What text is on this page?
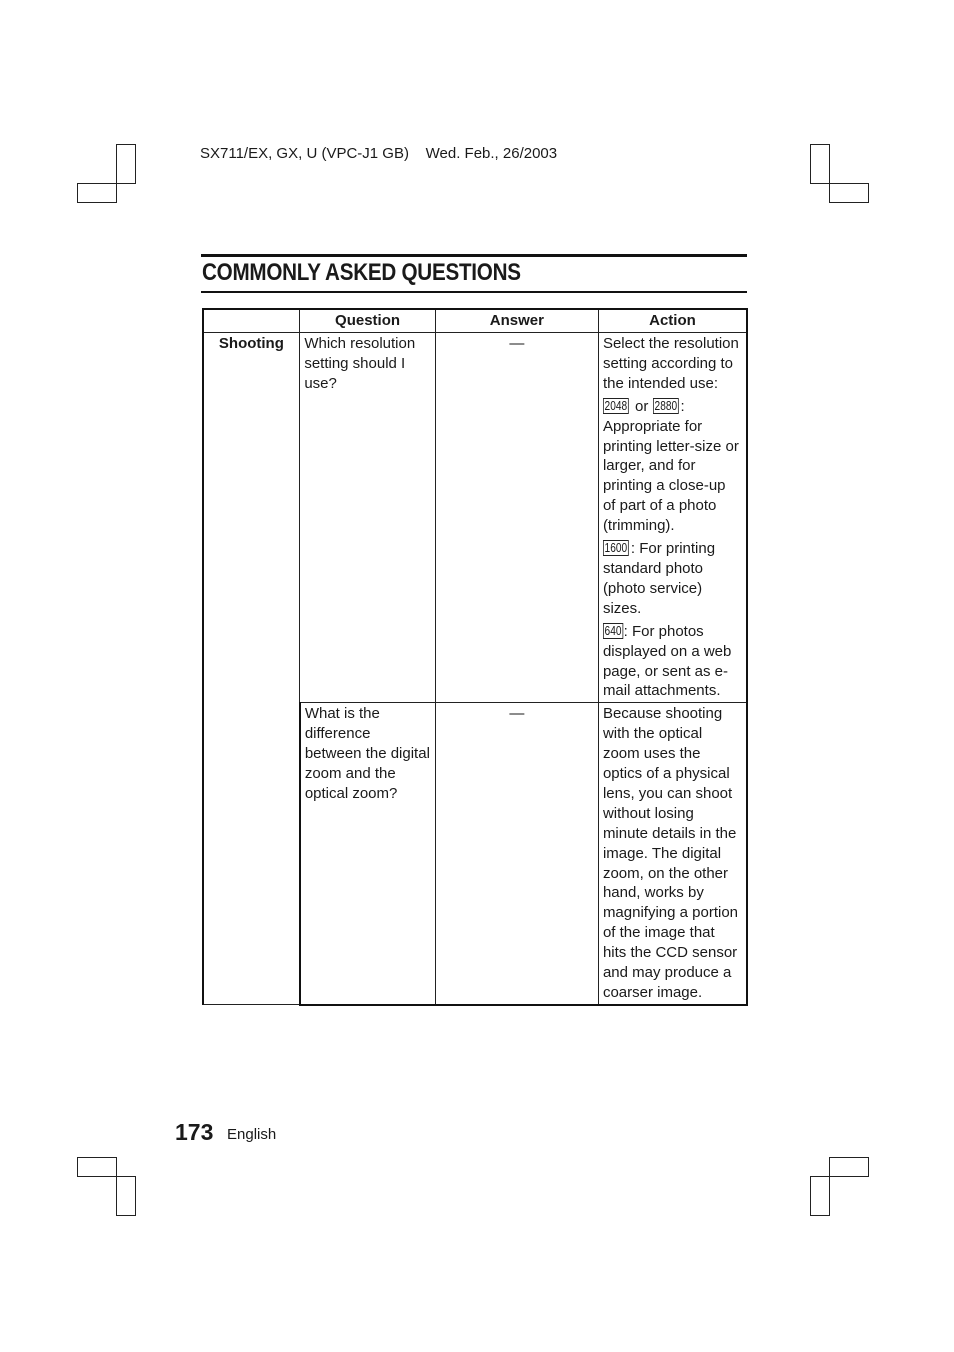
SX711/EX, GX, U (VPC-J1 GB) Wed. Feb., 26/2003
COMMONLY ASKED QUESTIONS
	Question	Answer	Action
Shooting	Which resolution setting should I use?	—	Select the resolution setting according to the intended use:
2048 or 2880 : Appropriate for printing letter-size or larger, and for printing a close-up of part of a photo (trimming).
1600 : For printing standard photo (photo service) sizes.
640 : For photos displayed on a web page, or sent as e-mail attachments.

	What is the difference between the digital zoom and the optical zoom?	—	Because shooting with the optical zoom uses the optics of a physical lens, you can shoot without losing minute details in the image. The digital zoom, on the other hand, works by magnifying a portion of the image that hits the CCD sensor and may produce a coarser image.
173 English
